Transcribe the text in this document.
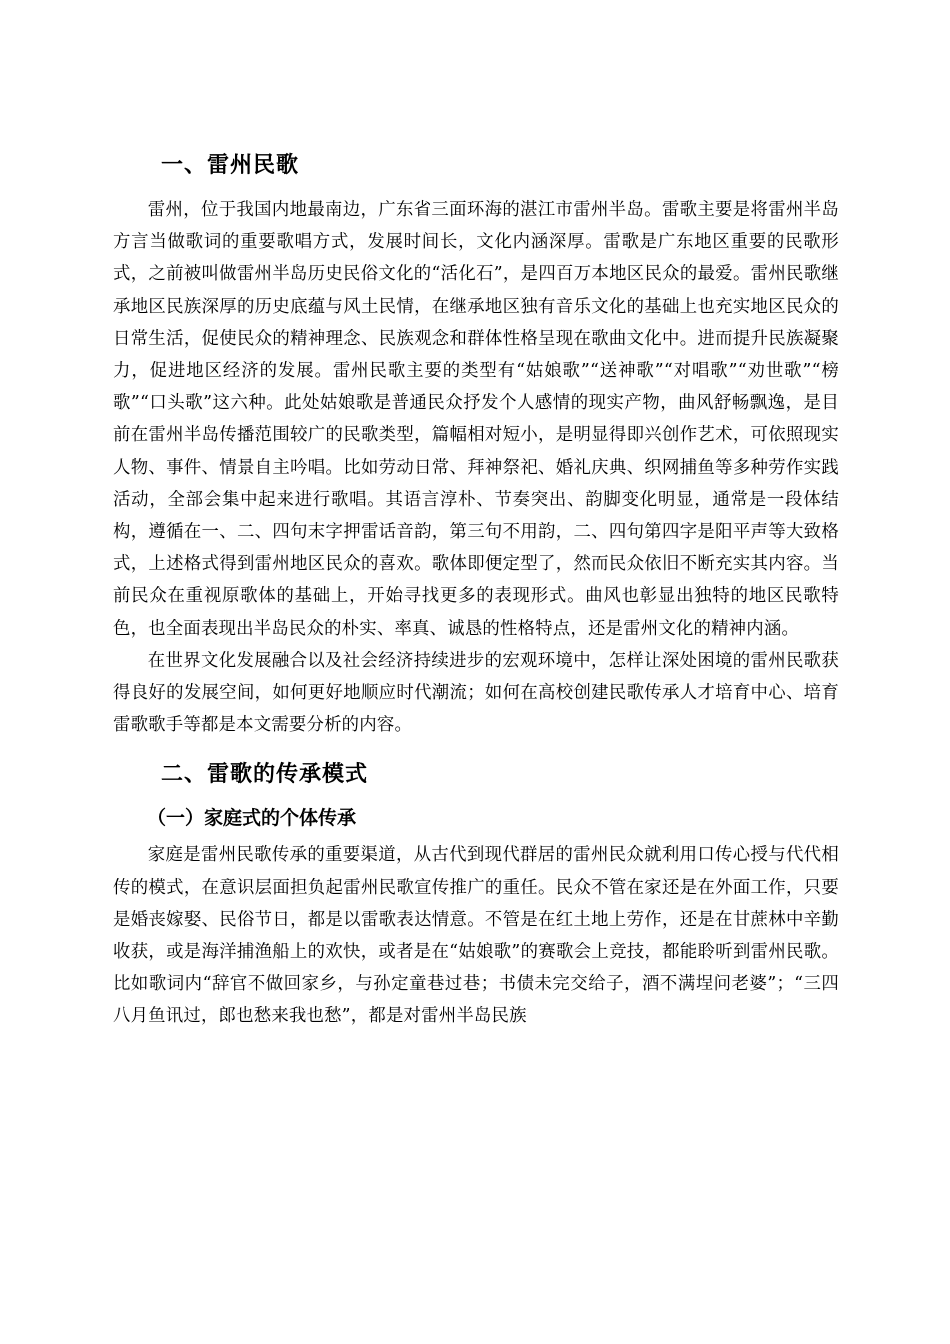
一、雷州民歌

雷州，位于我国内地最南边，广东省三面环海的湛江市雷州半岛。雷歌主要是将雷州半岛方言当做歌词的重要歌唱方式，发展时间长，文化内涵深厚。雷歌是广东地区重要的民歌形式，之前被叫做雷州半岛历史民俗文化的“活化石”，是四百万本地区民众的最爱。雷州民歌继承地区民族深厚的历史底蕴与风土民情，在继承地区独有音乐文化的基础上也充实地区民众的日常生活，促使民众的精神理念、民族观念和群体性格呈现在歌曲文化中。进而提升民族凝聚力，促进地区经济的发展。雷州民歌主要的类型有“姑娘歌”“送神歌”“对唱歌”“劝世歌”“榜歌”“口头歌”这六种。此处姑娘歌是普通民众抒发个人感情的现实产物，曲风舒畅飘逸，是目前在雷州半岛传播范围较广的民歌类型，篇幅相对短小，是明显得即兴创作艺术，可依照现实人物、事件、情景自主吟唱。比如劳动日常、拜神祭祀、婚礼庆典、织网捕鱼等多种劳作实践活动，全部会集中起来进行歌唱。其语言淳朴、节奏突出、韵脚变化明显，通常是一段体结构，遵循在一、二、四句末字押雷话音韵，第三句不用韵，二、四句第四字是阳平声等大致格式，上述格式得到雷州地区民众的喜欢。歌体即便定型了，然而民众依旧不断充实其内容。当前民众在重视原歌体的基础上，开始寻找更多的表现形式。曲风也彰显出独特的地区民歌特色，也全面表现出半岛民众的朴实、率真、诚恳的性格特点，还是雷州文化的精神内涵。

在世界文化发展融合以及社会经济持续进步的宏观环境中，怎样让深处困境的雷州民歌获得良好的发展空间，如何更好地顺应时代潮流；如何在高校创建民歌传承人才培育中心、培育雷歌歌手等都是本文需要分析的内容。

二、雷歌的传承模式
（一）家庭式的个体传承

家庭是雷州民歌传承的重要渠道，从古代到现代群居的雷州民众就利用口传心授与代代相传的模式，在意识层面担负起雷州民歌宣传推广的重任。民众不管在家还是在外面工作，只要是婚丧嫁娶、民俗节日，都是以雷歌表达情意。不管是在红土地上劳作，还是在甘蔗林中辛勤收获，或是海洋捕渔船上的欢快，或者是在“姑娘歌”的赛歌会上竞技，都能聆听到雷州民歌。比如歌词内“辞官不做回家乡，与孙定童巷过巷；书债未完交给子，酒不满埕问老婆”；“三四八月鱼讯过，郎也愁来我也愁”，都是对雷州半岛民族
